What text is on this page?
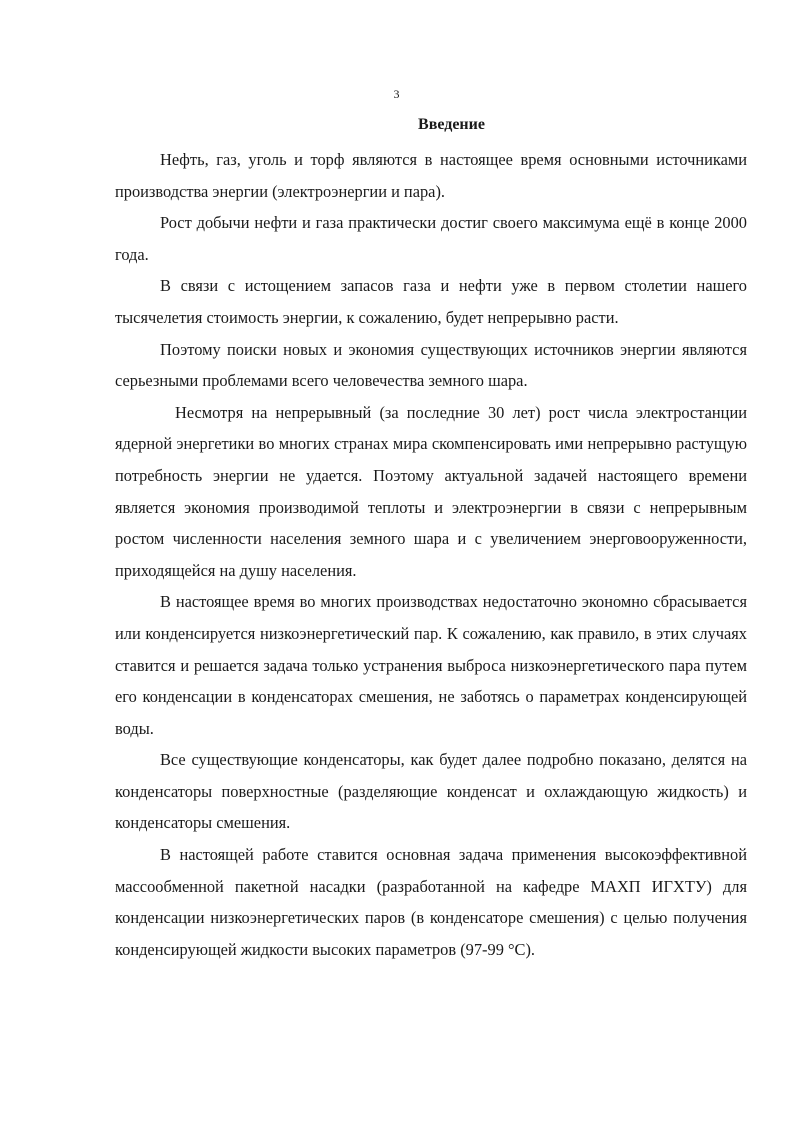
3
Введение

Нефть, газ, уголь и торф являются в настоящее время основными источниками производства энергии (электроэнергии и пара).

Рост добычи нефти и газа практически достиг своего максимума ещё в конце 2000 года.

В связи с истощением запасов газа и нефти уже в первом столетии нашего тысячелетия стоимость энергии, к сожалению, будет непрерывно расти.

Поэтому поиски новых и экономия существующих источников энергии являются серьезными проблемами всего человечества земного шара.

Несмотря на непрерывный (за последние 30 лет) рост числа электростанции ядерной энергетики во многих странах мира скомпенсировать ими непрерывно растущую потребность энергии не удается. Поэтому актуальной задачей настоящего времени является экономия производимой теплоты и электроэнергии в связи с непрерывным ростом численности населения земного шара и с увеличением энерговооруженности, приходящейся на душу населения.

В настоящее время во многих производствах недостаточно экономно сбрасывается или конденсируется низкоэнергетический пар. К сожалению, как правило, в этих случаях ставится и решается задача только устранения выброса низкоэнергетического пара путем его конденсации в конденсаторах смешения, не заботясь о параметрах конденсирующей воды.

Все существующие конденсаторы, как будет далее подробно показано, делятся на конденсаторы поверхностные (разделяющие конденсат и охлаждающую жидкость) и конденсаторы смешения.

В настоящей работе ставится основная задача применения высокоэффективной массообменной пакетной насадки (разработанной на кафедре МАХП ИГХТУ) для конденсации низкоэнергетических паров (в конденсаторе смешения) с целью получения конденсирующей жидкости высоких параметров (97-99 °С).
